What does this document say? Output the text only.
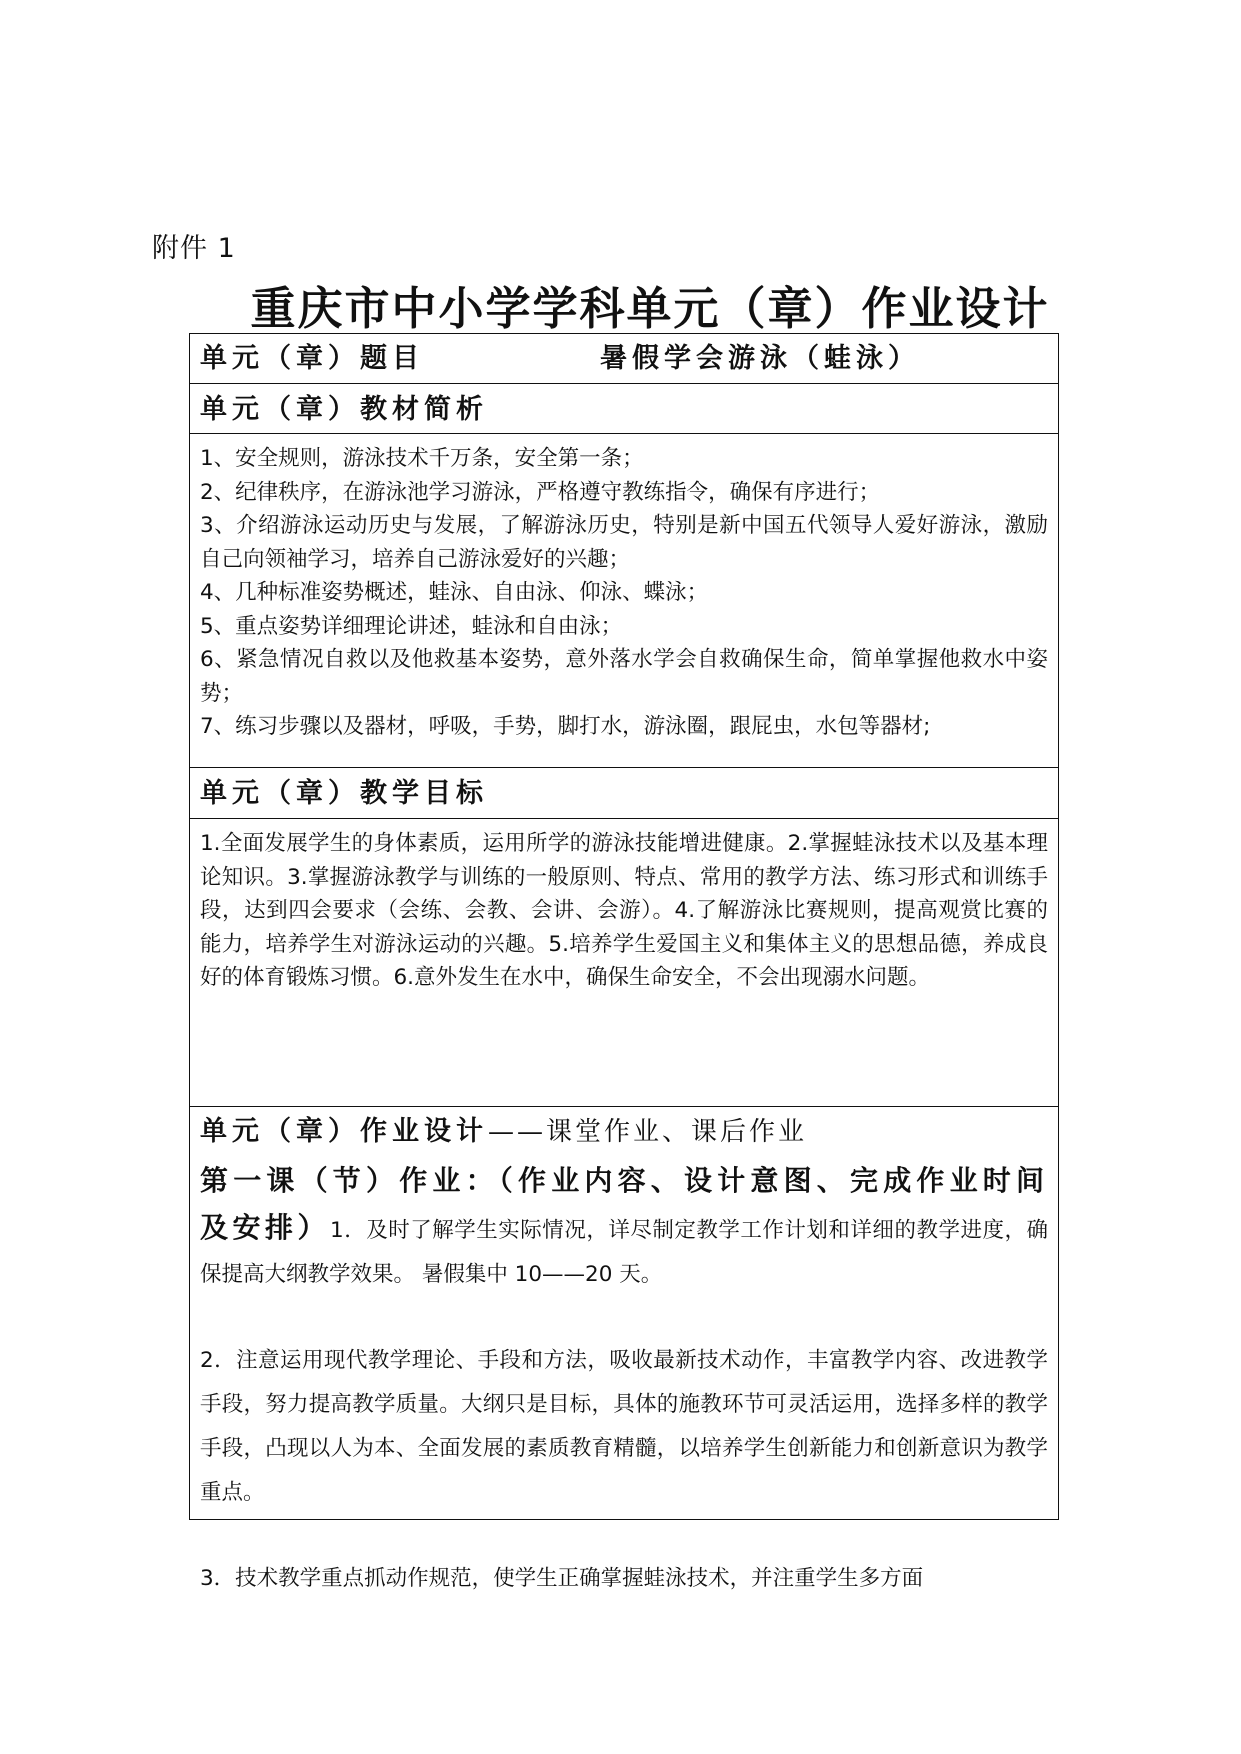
附件 1
重庆市中小学学科单元（章）作业设计
单元（章）题目	暑假学会游泳（蛙泳）
单元（章）教材简析

1、安全规则，游泳技术千万条，安全第一条；

2、纪律秩序，在游泳池学习游泳，严格遵守教练指令，确保有序进行；

3、介绍游泳运动历史与发展，了解游泳历史，特别是新中国五代领导人爱好游泳，激励自己向领袖学习，培养自己游泳爱好的兴趣；

4、几种标准姿势概述，蛙泳、自由泳、仰泳、蝶泳；

5、重点姿势详细理论讲述，蛙泳和自由泳；

6、紧急情况自救以及他救基本姿势，意外落水学会自救确保生命，简单掌握他救水中姿势；

7、练习步骤以及器材，呼吸，手势，脚打水，游泳圈，跟屁虫，水包等器材;

单元（章）教学目标

1.全面发展学生的身体素质，运用所学的游泳技能增进健康。2.掌握蛙泳技术以及基本理论知识。3.掌握游泳教学与训练的一般原则、特点、常用的教学方法、练习形式和训练手段，达到四会要求（会练、会教、会讲、会游）。4.了解游泳比赛规则，提高观赏比赛的能力，培养学生对游泳运动的兴趣。5.培养学生爱国主义和集体主义的思想品德，养成良好的体育锻炼习惯。6.意外发生在水中，确保生命安全，不会出现溺水问题。

单元（章）作业设计——课堂作业、课后作业

第一课（节）作业：（作业内容、设计意图、完成作业时间及安排）1．及时了解学生实际情况，详尽制定教学工作计划和详细的教学进度，确保提高大纲教学效果。 暑假集中 10——20 天。

2．注意运用现代教学理论、手段和方法，吸收最新技术动作，丰富教学内容、改进教学手段，努力提高教学质量。大纲只是目标，具体的施教环节可灵活运用，选择多样的教学手段，凸现以人为本、全面发展的素质教育精髓，以培养学生创新能力和创新意识为教学重点。

3．技术教学重点抓动作规范，使学生正确掌握蛙泳技术，并注重学生多方面
